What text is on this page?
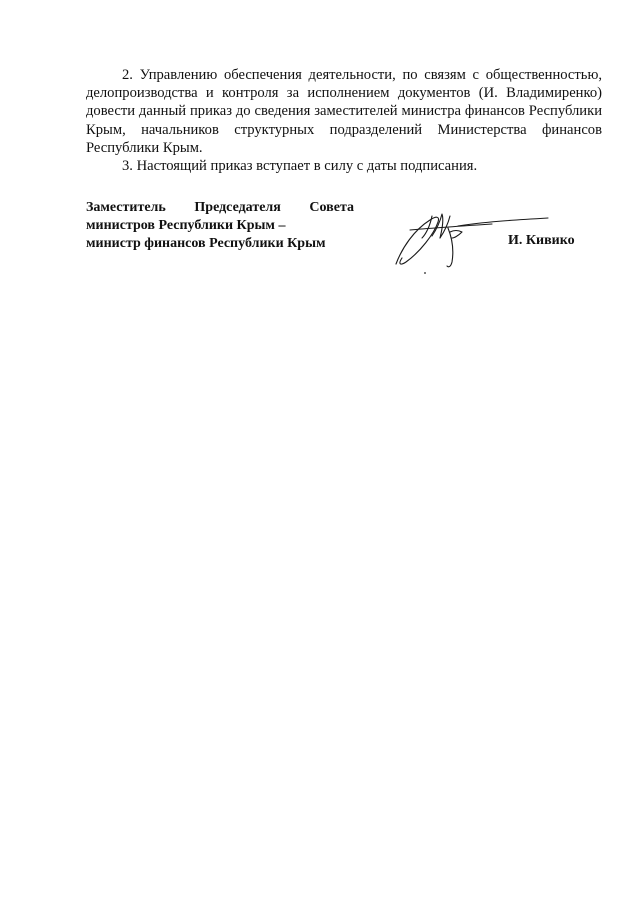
2. Управлению обеспечения деятельности, по связям с общественностью, делопроизводства и контроля за исполнением документов (И. Владимиренко) довести данный приказ до сведения заместителей министра финансов Республики Крым, начальников структурных подразделений Министерства финансов Республики Крым.

3. Настоящий приказ вступает в силу с даты подписания.

Заместитель Председателя Совета
министров Республики Крым –
министр финансов Республики Крым	И. Кивико
